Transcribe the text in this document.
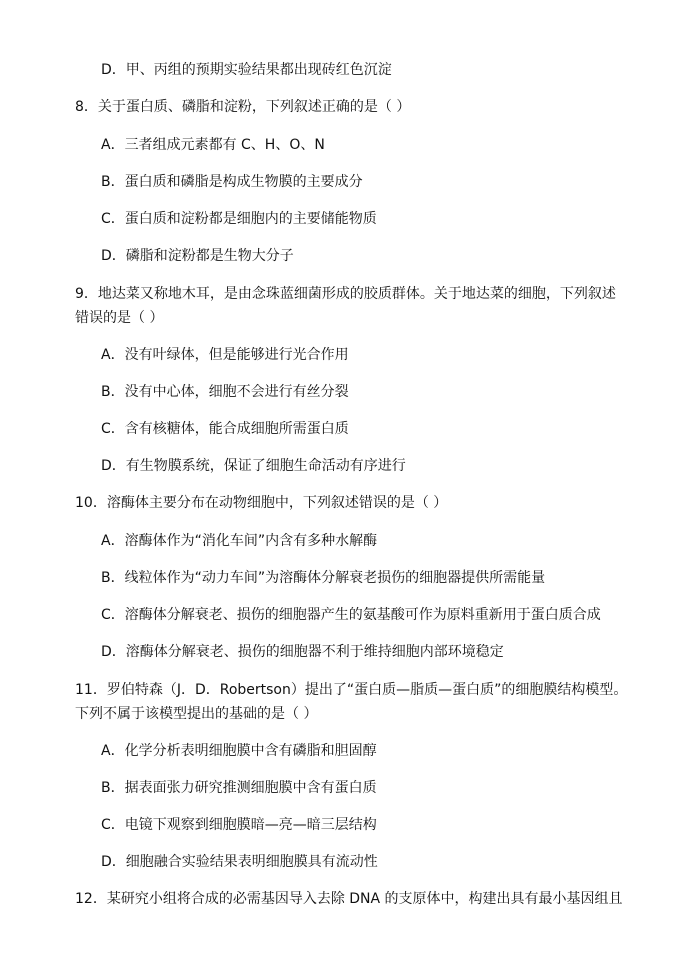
D．甲、丙组的预期实验结果都出现砖红色沉淀
8．关于蛋白质、磷脂和淀粉，下列叙述正确的是（ ）
A．三者组成元素都有 C、H、O、N
B．蛋白质和磷脂是构成生物膜的主要成分
C．蛋白质和淀粉都是细胞内的主要储能物质
D．磷脂和淀粉都是生物大分子
9．地达菜又称地木耳，是由念珠蓝细菌形成的胶质群体。关于地达菜的细胞，下列叙述
错误的是（ ）
A．没有叶绿体，但是能够进行光合作用
B．没有中心体，细胞不会进行有丝分裂
C．含有核糖体，能合成细胞所需蛋白质
D．有生物膜系统，保证了细胞生命活动有序进行
10．溶酶体主要分布在动物细胞中，下列叙述错误的是（ ）
A．溶酶体作为“消化车间”内含有多种水解酶
B．线粒体作为“动力车间”为溶酶体分解衰老损伤的细胞器提供所需能量
C．溶酶体分解衰老、损伤的细胞器产生的氨基酸可作为原料重新用于蛋白质合成
D．溶酶体分解衰老、损伤的细胞器不利于维持细胞内部环境稳定
11．罗伯特森（J．D．Robertson）提出了“蛋白质—脂质—蛋白质”的细胞膜结构模型。
下列不属于该模型提出的基础的是（ ）
A．化学分析表明细胞膜中含有磷脂和胆固醇
B．据表面张力研究推测细胞膜中含有蛋白质
C．电镜下观察到细胞膜暗—亮—暗三层结构
D．细胞融合实验结果表明细胞膜具有流动性
12．某研究小组将合成的必需基因导入去除 DNA 的支原体中，构建出具有最小基因组且
